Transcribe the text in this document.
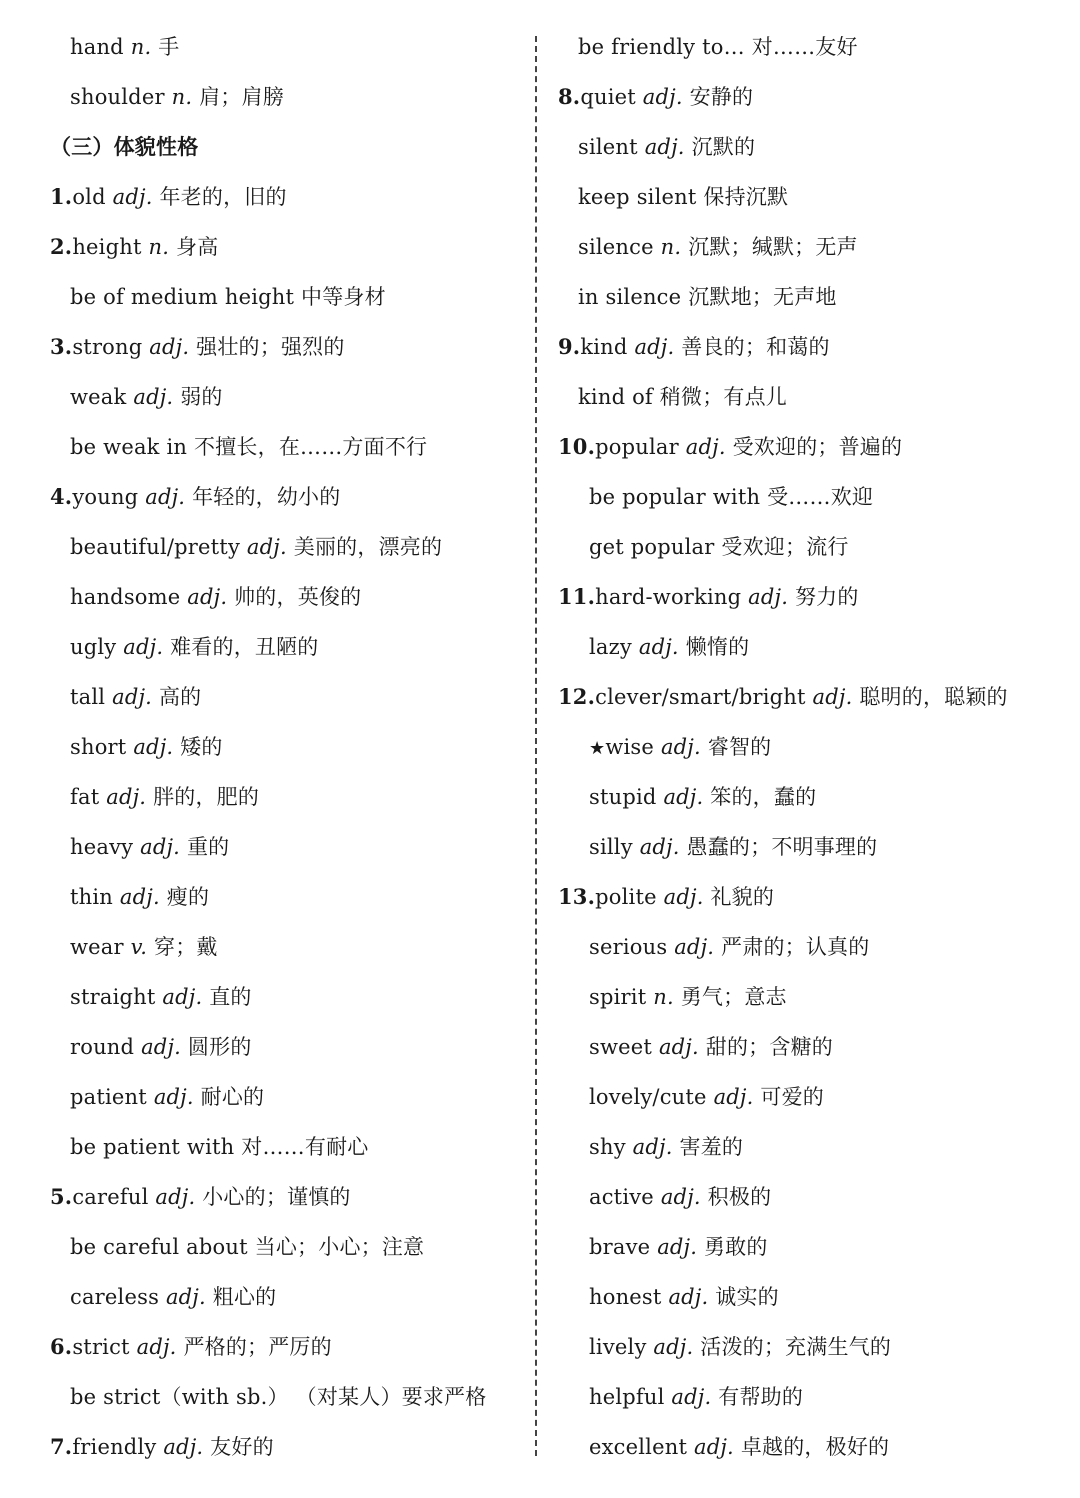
hand n. 手
shoulder n. 肩；肩膀
（三）体貌性格
1.old adj. 年老的，旧的
2.height n. 身高
be of medium height 中等身材
3.strong adj. 强壮的；强烈的
weak adj. 弱的
be weak in 不擅长，在……方面不行
4.young adj. 年轻的，幼小的
beautiful/pretty adj. 美丽的，漂亮的
handsome adj. 帅的，英俊的
ugly adj. 难看的，丑陋的
tall adj. 高的
short adj. 矮的
fat adj. 胖的，肥的
heavy adj. 重的
thin adj. 瘦的
wear v. 穿；戴
straight adj. 直的
round adj. 圆形的
patient adj. 耐心的
be patient with 对……有耐心
5.careful adj. 小心的；谨慎的
be careful about 当心；小心；注意
careless adj. 粗心的
6.strict adj. 严格的；严厉的
be strict（with sb.） （对某人）要求严格
7.friendly adj. 友好的
be friendly to… 对……友好
8.quiet adj. 安静的
silent adj. 沉默的
keep silent 保持沉默
silence n. 沉默；缄默；无声
in silence 沉默地；无声地
9.kind adj. 善良的；和蔼的
kind of 稍微；有点儿
10.popular adj. 受欢迎的；普遍的
be popular with 受……欢迎
get popular 受欢迎；流行
11.hard-working adj. 努力的
lazy adj. 懒惰的
12.clever/smart/bright adj. 聪明的，聪颖的
★wise adj. 睿智的
stupid adj. 笨的，蠢的
silly adj. 愚蠢的；不明事理的
13.polite adj. 礼貌的
serious adj. 严肃的；认真的
spirit n. 勇气；意志
sweet adj. 甜的；含糖的
lovely/cute adj. 可爱的
shy adj. 害羞的
active adj. 积极的
brave adj. 勇敢的
honest adj. 诚实的
lively adj. 活泼的；充满生气的
helpful adj. 有帮助的
excellent adj. 卓越的，极好的
